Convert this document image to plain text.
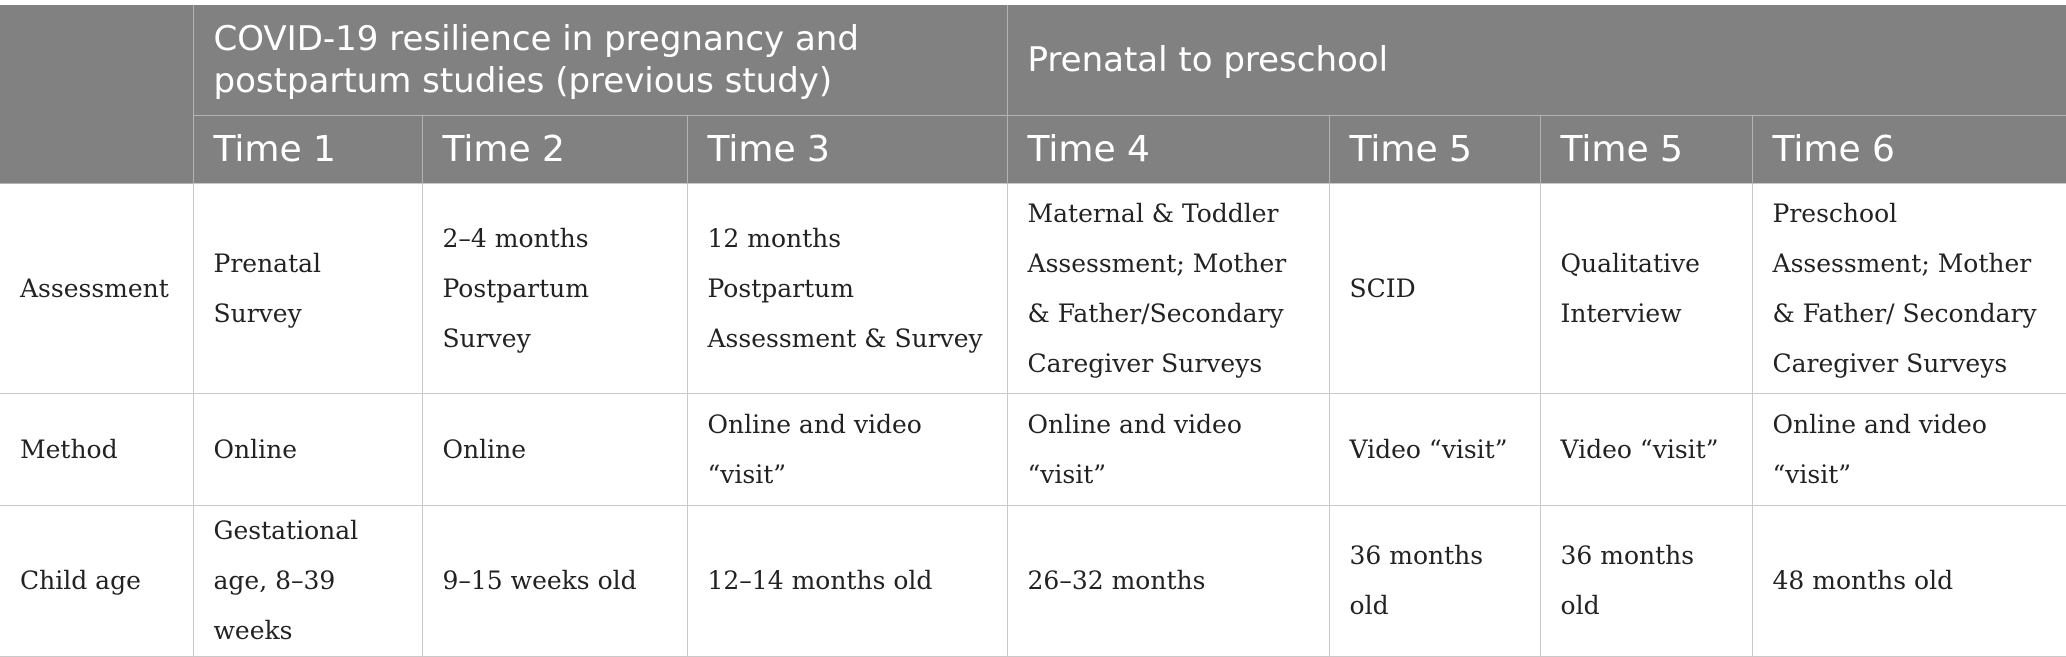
	COVID-19 resilience in pregnancy and postpartum studies (previous study)			Prenatal to preschool			
	Time 1	Time 2	Time 3	Time 4	Time 5	Time 5	Time 6
Assessment	Prenatal Survey	2–4 months Postpartum Survey	12 months Postpartum Assessment & Survey	Maternal & Toddler Assessment; Mother & Father/Secondary Caregiver Surveys	SCID	Qualitative Interview	Preschool Assessment; Mother & Father/ Secondary Caregiver Surveys
Method	Online	Online	Online and video “visit”	Online and video “visit”	Video “visit”	Video “visit”	Online and video “visit”
Child age	Gestational age, 8–39 weeks	9–15 weeks old	12–14 months old	26–32 months	36 months old	36 months old	48 months old
